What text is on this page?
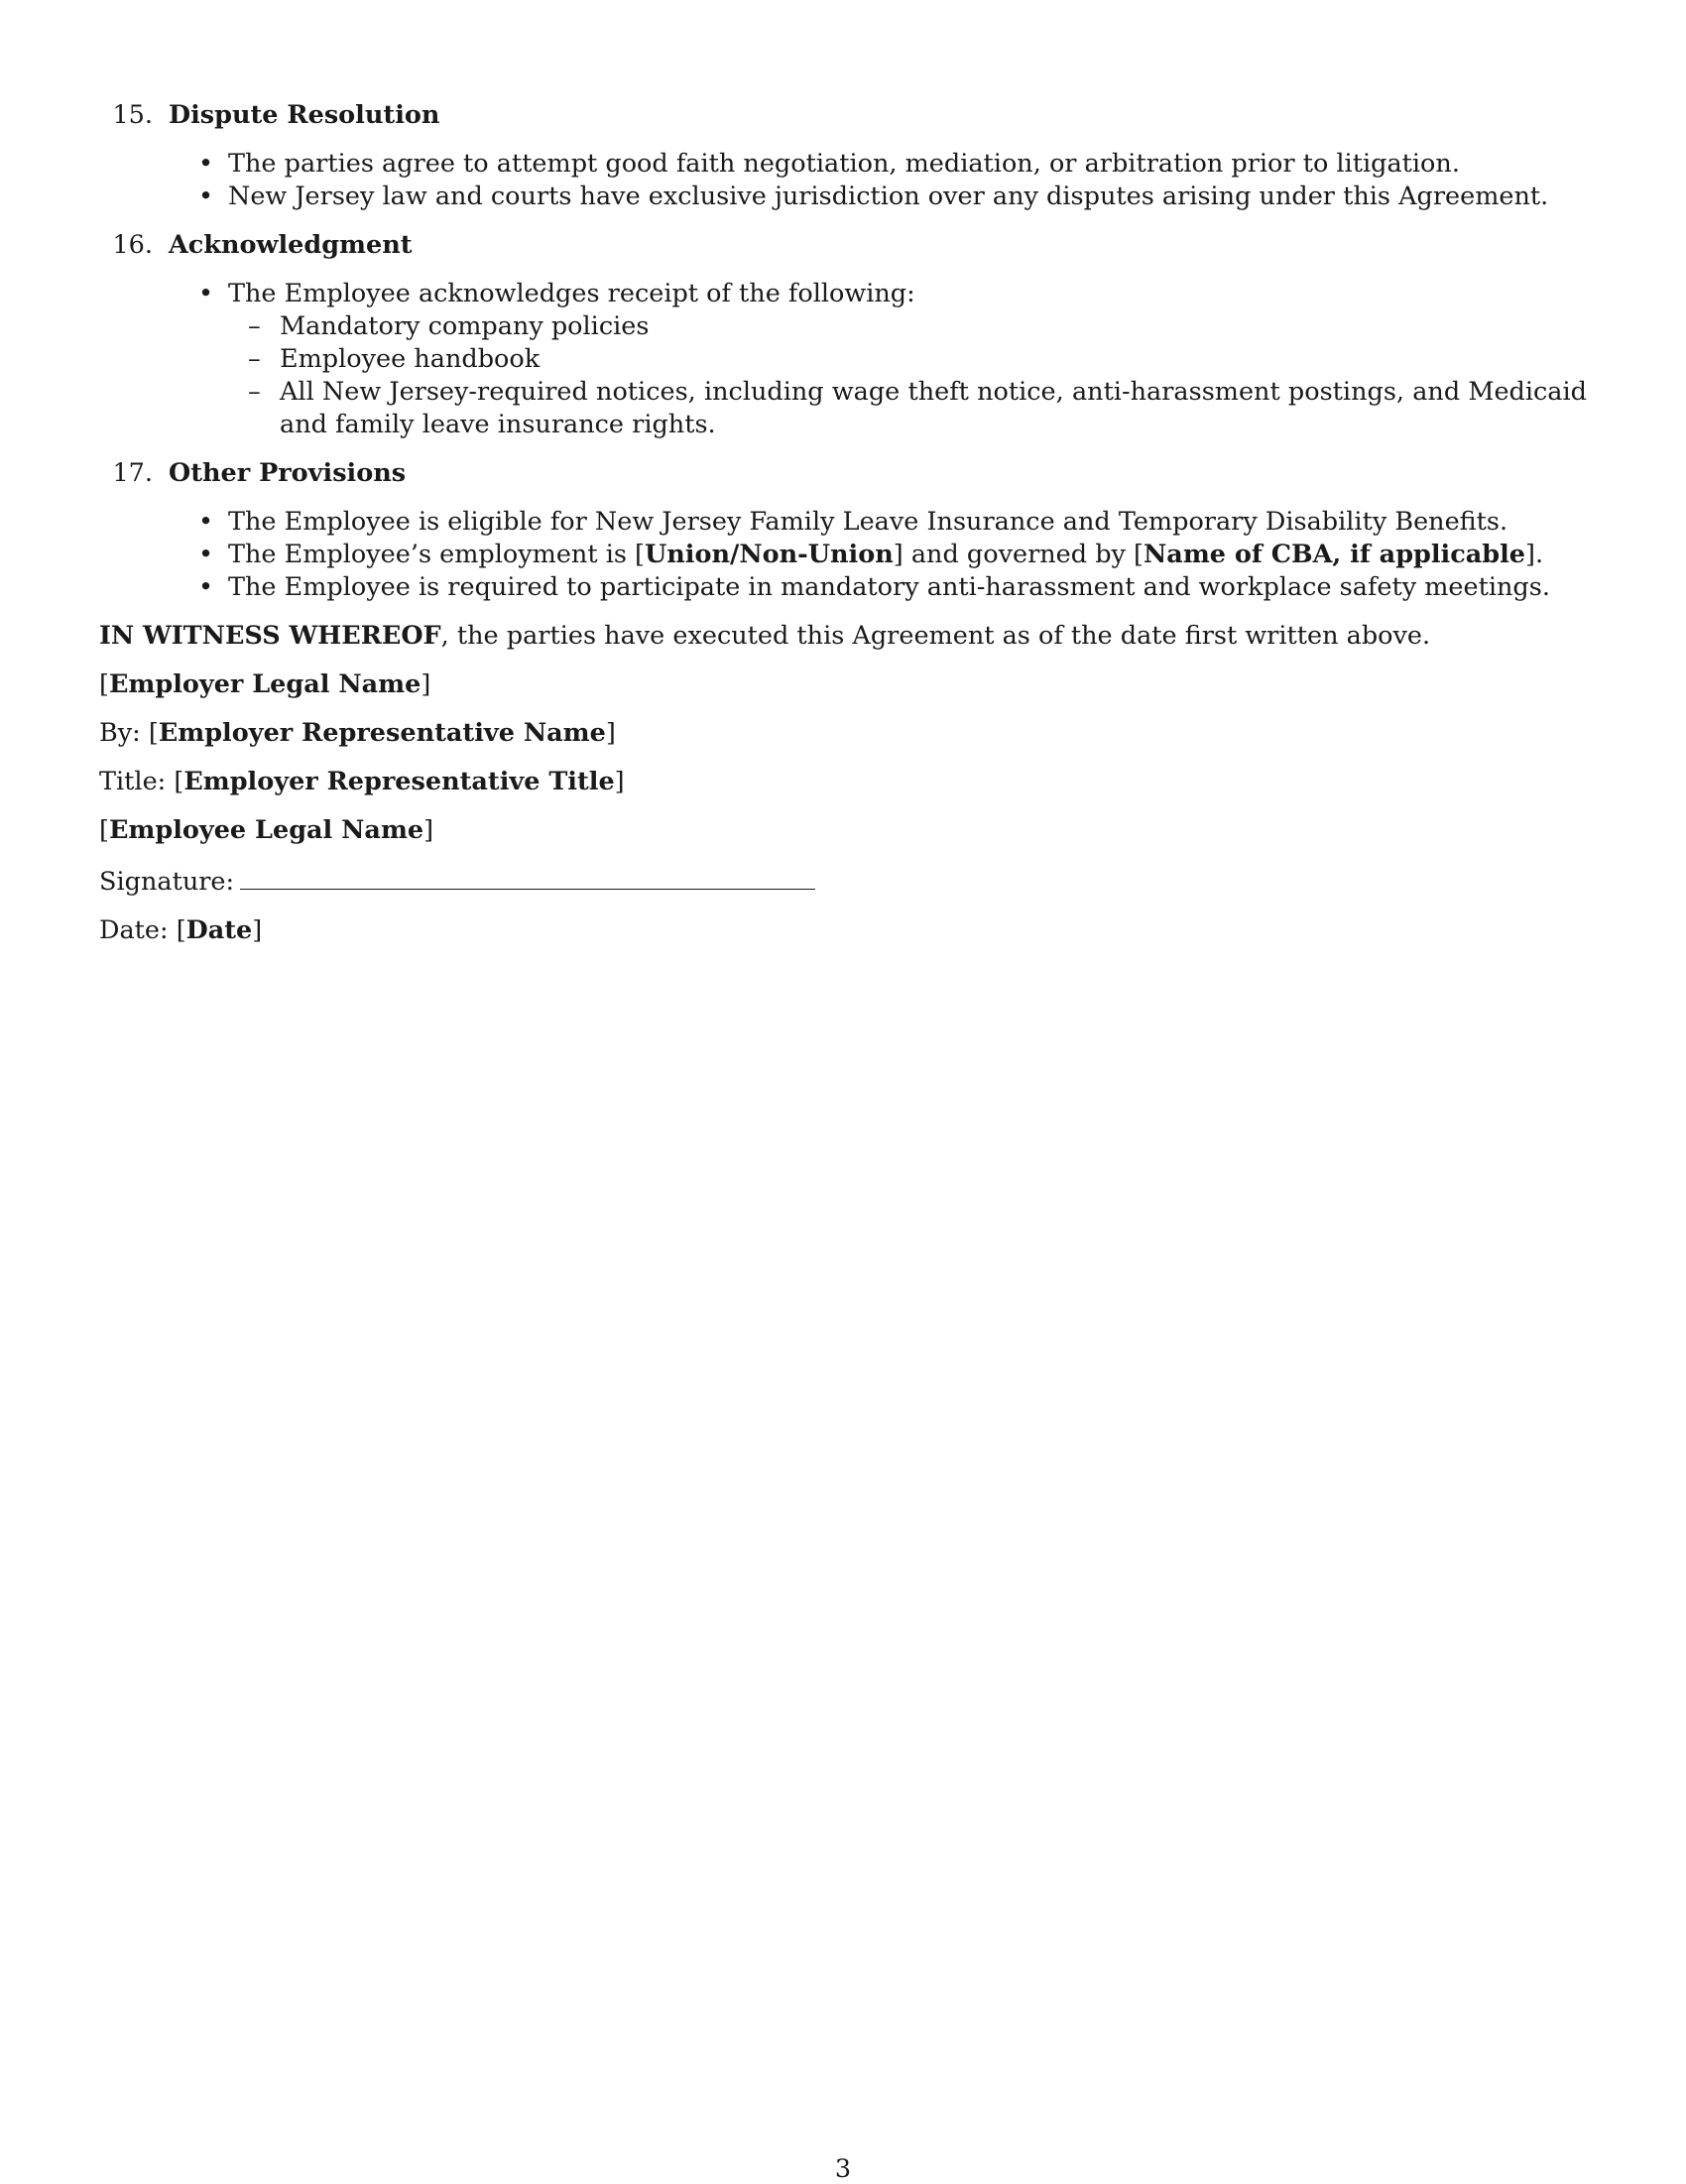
15. Dispute Resolution
• The parties agree to attempt good faith negotiation, mediation, or arbitration prior to litigation.
• New Jersey law and courts have exclusive jurisdiction over any disputes arising under this Agreement.
16. Acknowledgment
• The Employee acknowledges receipt of the following:
– Mandatory company policies
– Employee handbook
– All New Jersey-required notices, including wage theft notice, anti-harassment postings, and Medicaid and family leave insurance rights.
17. Other Provisions
• The Employee is eligible for New Jersey Family Leave Insurance and Temporary Disability Benefits.
• The Employee’s employment is [Union/Non-Union] and governed by [Name of CBA, if applicable].
• The Employee is required to participate in mandatory anti-harassment and workplace safety meetings.

IN WITNESS WHEREOF, the parties have executed this Agreement as of the date first written above.

[Employer Legal Name]

By: [Employer Representative Name]

Title: [Employer Representative Title]

[Employee Legal Name]

Signature:

Date: [Date]

3
